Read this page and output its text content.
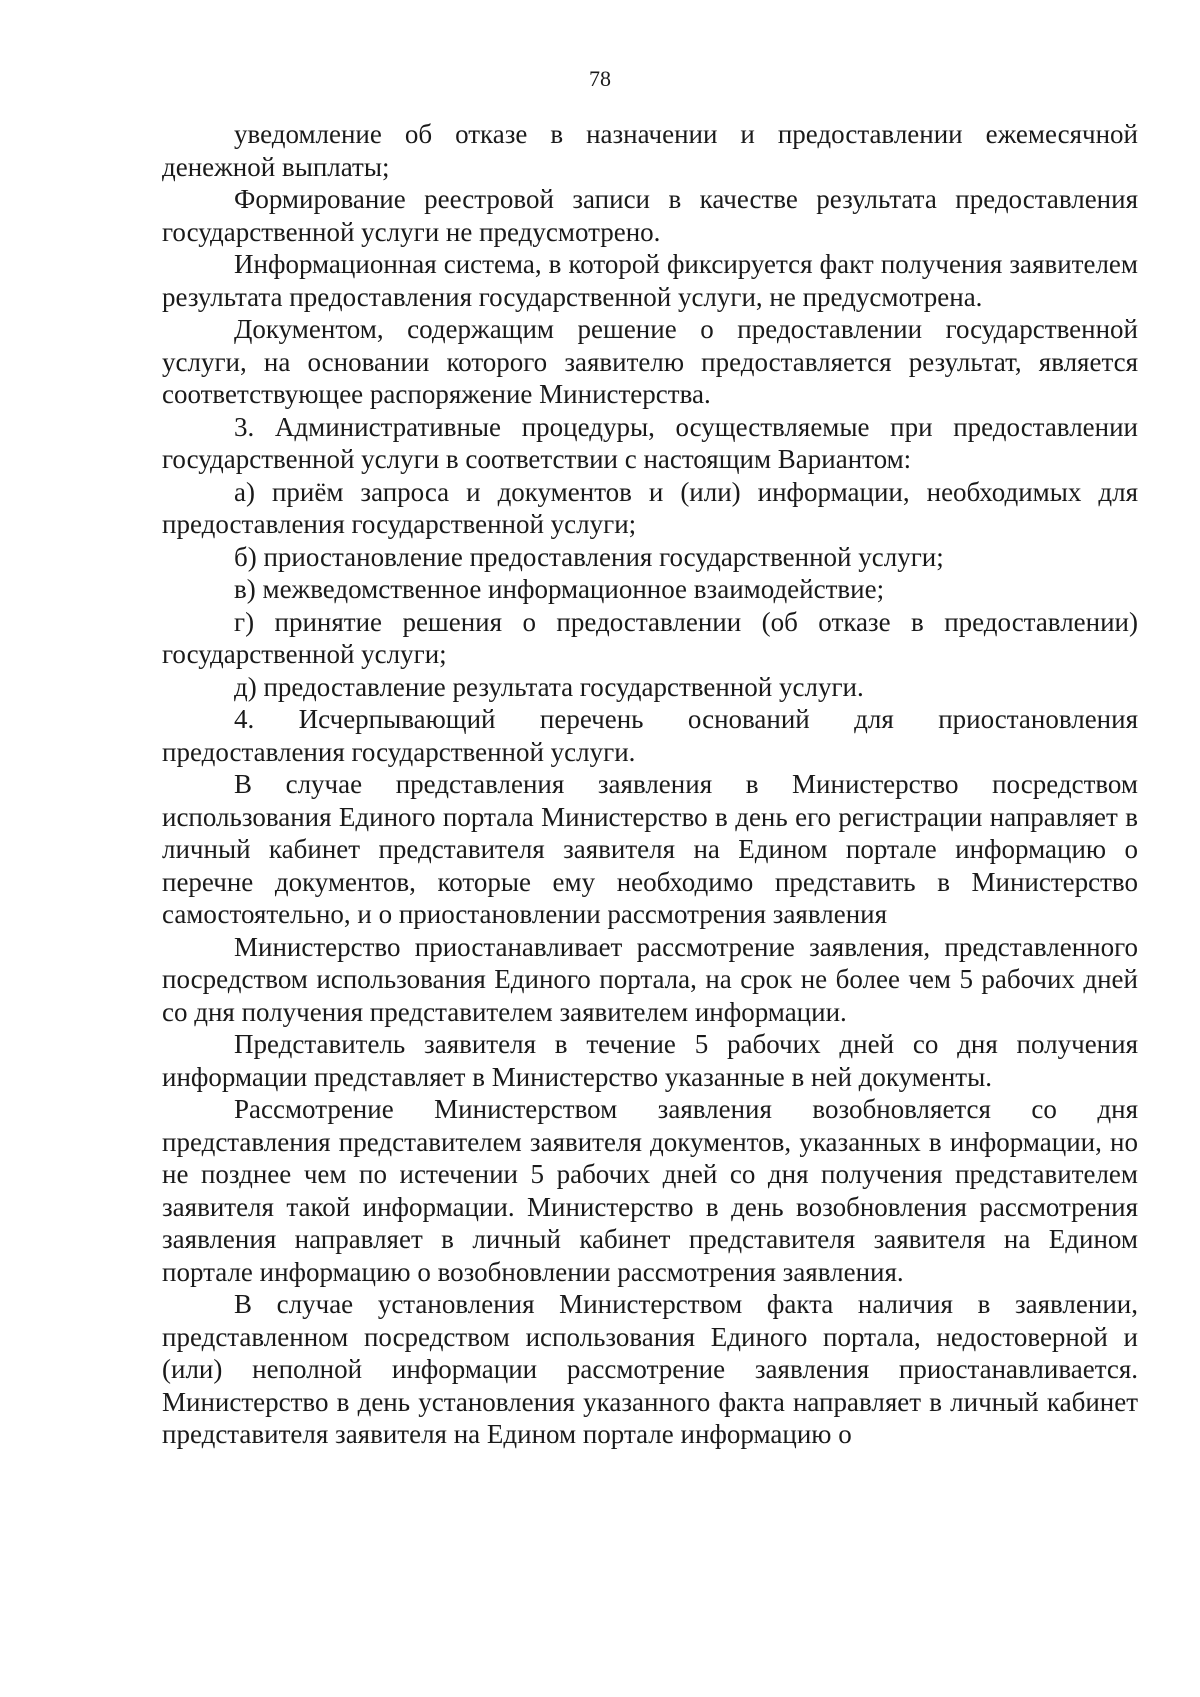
78

уведомление об отказе в назначении и предоставлении ежемесячной денежной выплаты;

Формирование реестровой записи в качестве результата предоставления государственной услуги не предусмотрено.

Информационная система, в которой фиксируется факт получения заявителем результата предоставления государственной услуги, не предусмотрена.

Документом, содержащим решение о предоставлении государственной услуги, на основании которого заявителю предоставляется результат, является соответствующее распоряжение Министерства.

3. Административные процедуры, осуществляемые при предоставлении государственной услуги в соответствии с настоящим Вариантом:

а) приём запроса и документов и (или) информации, необходимых для предоставления государственной услуги;

б) приостановление предоставления государственной услуги;

в) межведомственное информационное взаимодействие;

г) принятие решения о предоставлении (об отказе в предоставлении) государственной услуги;

д) предоставление результата государственной услуги.

4. Исчерпывающий перечень оснований для приостановления предоставления государственной услуги.

В случае представления заявления в Министерство посредством использования Единого портала Министерство в день его регистрации направляет в личный кабинет представителя заявителя на Едином портале информацию о перечне документов, которые ему необходимо представить в Министерство самостоятельно, и о приостановлении рассмотрения заявления

Министерство приостанавливает рассмотрение заявления, представленного посредством использования Единого портала, на срок не более чем 5 рабочих дней со дня получения представителем заявителем информации.

Представитель заявителя в течение 5 рабочих дней со дня получения информации представляет в Министерство указанные в ней документы.

Рассмотрение Министерством заявления возобновляется со дня представления представителем заявителя документов, указанных в информации, но не позднее чем по истечении 5 рабочих дней со дня получения представителем заявителя такой информации. Министерство в день возобновления рассмотрения заявления направляет в личный кабинет представителя заявителя на Едином портале информацию о возобновлении рассмотрения заявления.

В случае установления Министерством факта наличия в заявлении, представленном посредством использования Единого портала, недостоверной и (или) неполной информации рассмотрение заявления приостанавливается. Министерство в день установления указанного факта направляет в личный кабинет представителя заявителя на Едином портале информацию о
